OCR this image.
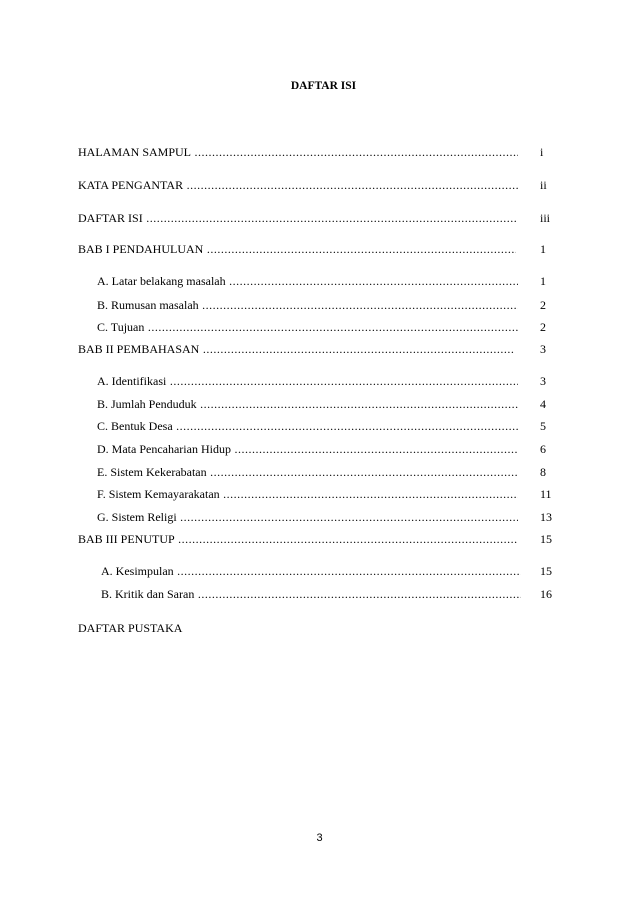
DAFTAR ISI
HALAMAN SAMPUL .....	i
KATA PENGANTAR .....	ii
DAFTAR ISI .....	iii
BAB I PENDAHULUAN .....	1
A. Latar belakang masalah .....	1
B. Rumusan masalah .....	2
C. Tujuan .....	2
BAB II PEMBAHASAN .....	3
A. Identifikasi .....	3
B. Jumlah Penduduk .....	4
C. Bentuk Desa .....	5
D. Mata Pencaharian Hidup .....	6
E. Sistem Kekerabatan .....	8
F. Sistem Kemayarakatan .....	11
G. Sistem Religi .....	13
BAB III PENUTUP .....	15
A. Kesimpulan .....	15
B. Kritik dan Saran .....	16
DAFTAR PUSTAKA
3
